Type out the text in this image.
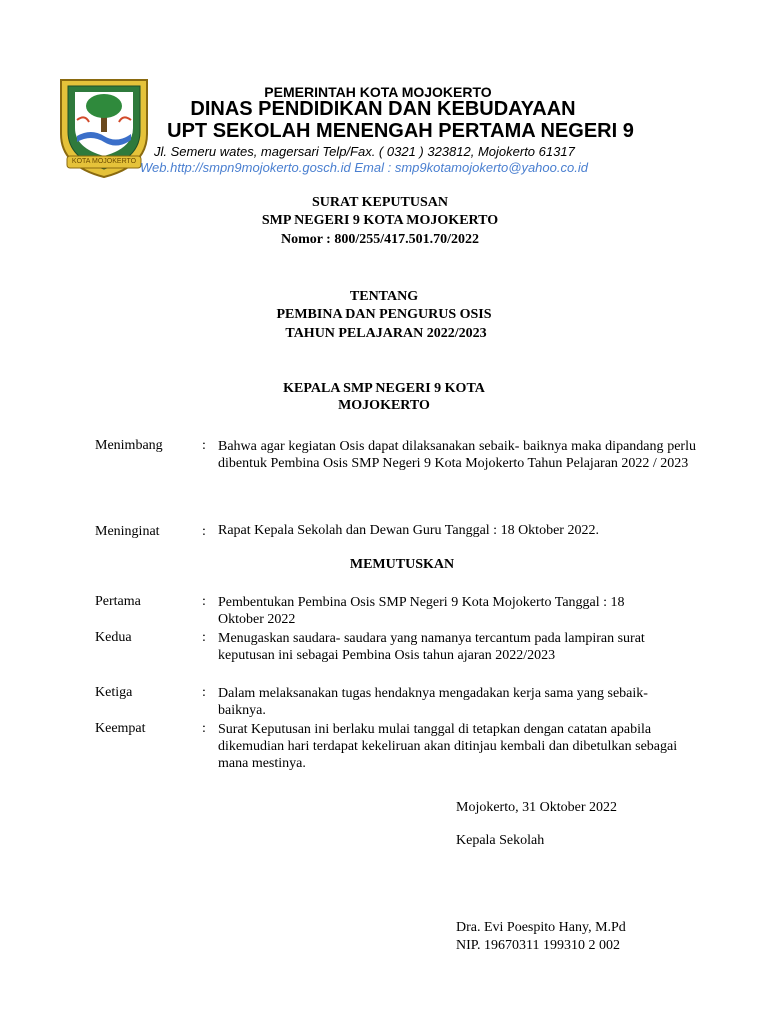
KOTA MOJOKERTO
PEMERINTAH KOTA MOJOKERTO
DINAS PENDIDIKAN DAN KEBUDAYAAN
UPT SEKOLAH MENENGAH PERTAMA NEGERI 9
Jl. Semeru wates, magersari Telp/Fax. ( 0321 ) 323812, Mojokerto 61317
Web.http://smpn9mojokerto.gosch.id Emal : smp9kotamojokerto@yahoo.co.id
SURAT KEPUTUSAN
SMP NEGERI 9 KOTA MOJOKERTO
Nomor : 800/255/417.501.70/2022
TENTANG
PEMBINA DAN PENGURUS OSIS
TAHUN PELAJARAN 2022/2023
KEPALA SMP NEGERI 9 KOTA
MOJOKERTO
Menimbang	: Bahwa agar kegiatan Osis dapat dilaksanakan sebaik- baiknya maka dipandang perlu dibentuk Pembina Osis SMP Negeri 9 Kota Mojokerto Tahun Pelajaran 2022 / 2023
Meninginat	: Rapat Kepala Sekolah dan Dewan Guru Tanggal : 18 Oktober 2022.
MEMUTUSKAN
Pertama	: Pembentukan Pembina Osis SMP Negeri 9 Kota Mojokerto Tanggal : 18 Oktober 2022
Kedua	: Menugaskan saudara- saudara yang namanya tercantum pada lampiran surat keputusan ini sebagai Pembina Osis tahun ajaran 2022/2023
Ketiga	: Dalam melaksanakan tugas hendaknya mengadakan kerja sama yang sebaik- baiknya.
Keempat	: Surat Keputusan ini berlaku mulai tanggal di tetapkan dengan catatan apabila dikemudian hari terdapat kekeliruan akan ditinjau kembali dan dibetulkan sebagai mana mestinya.
Mojokerto, 31 Oktober 2022
Kepala Sekolah
Dra. Evi Poespito Hany, M.Pd
NIP. 19670311 199310 2 002
